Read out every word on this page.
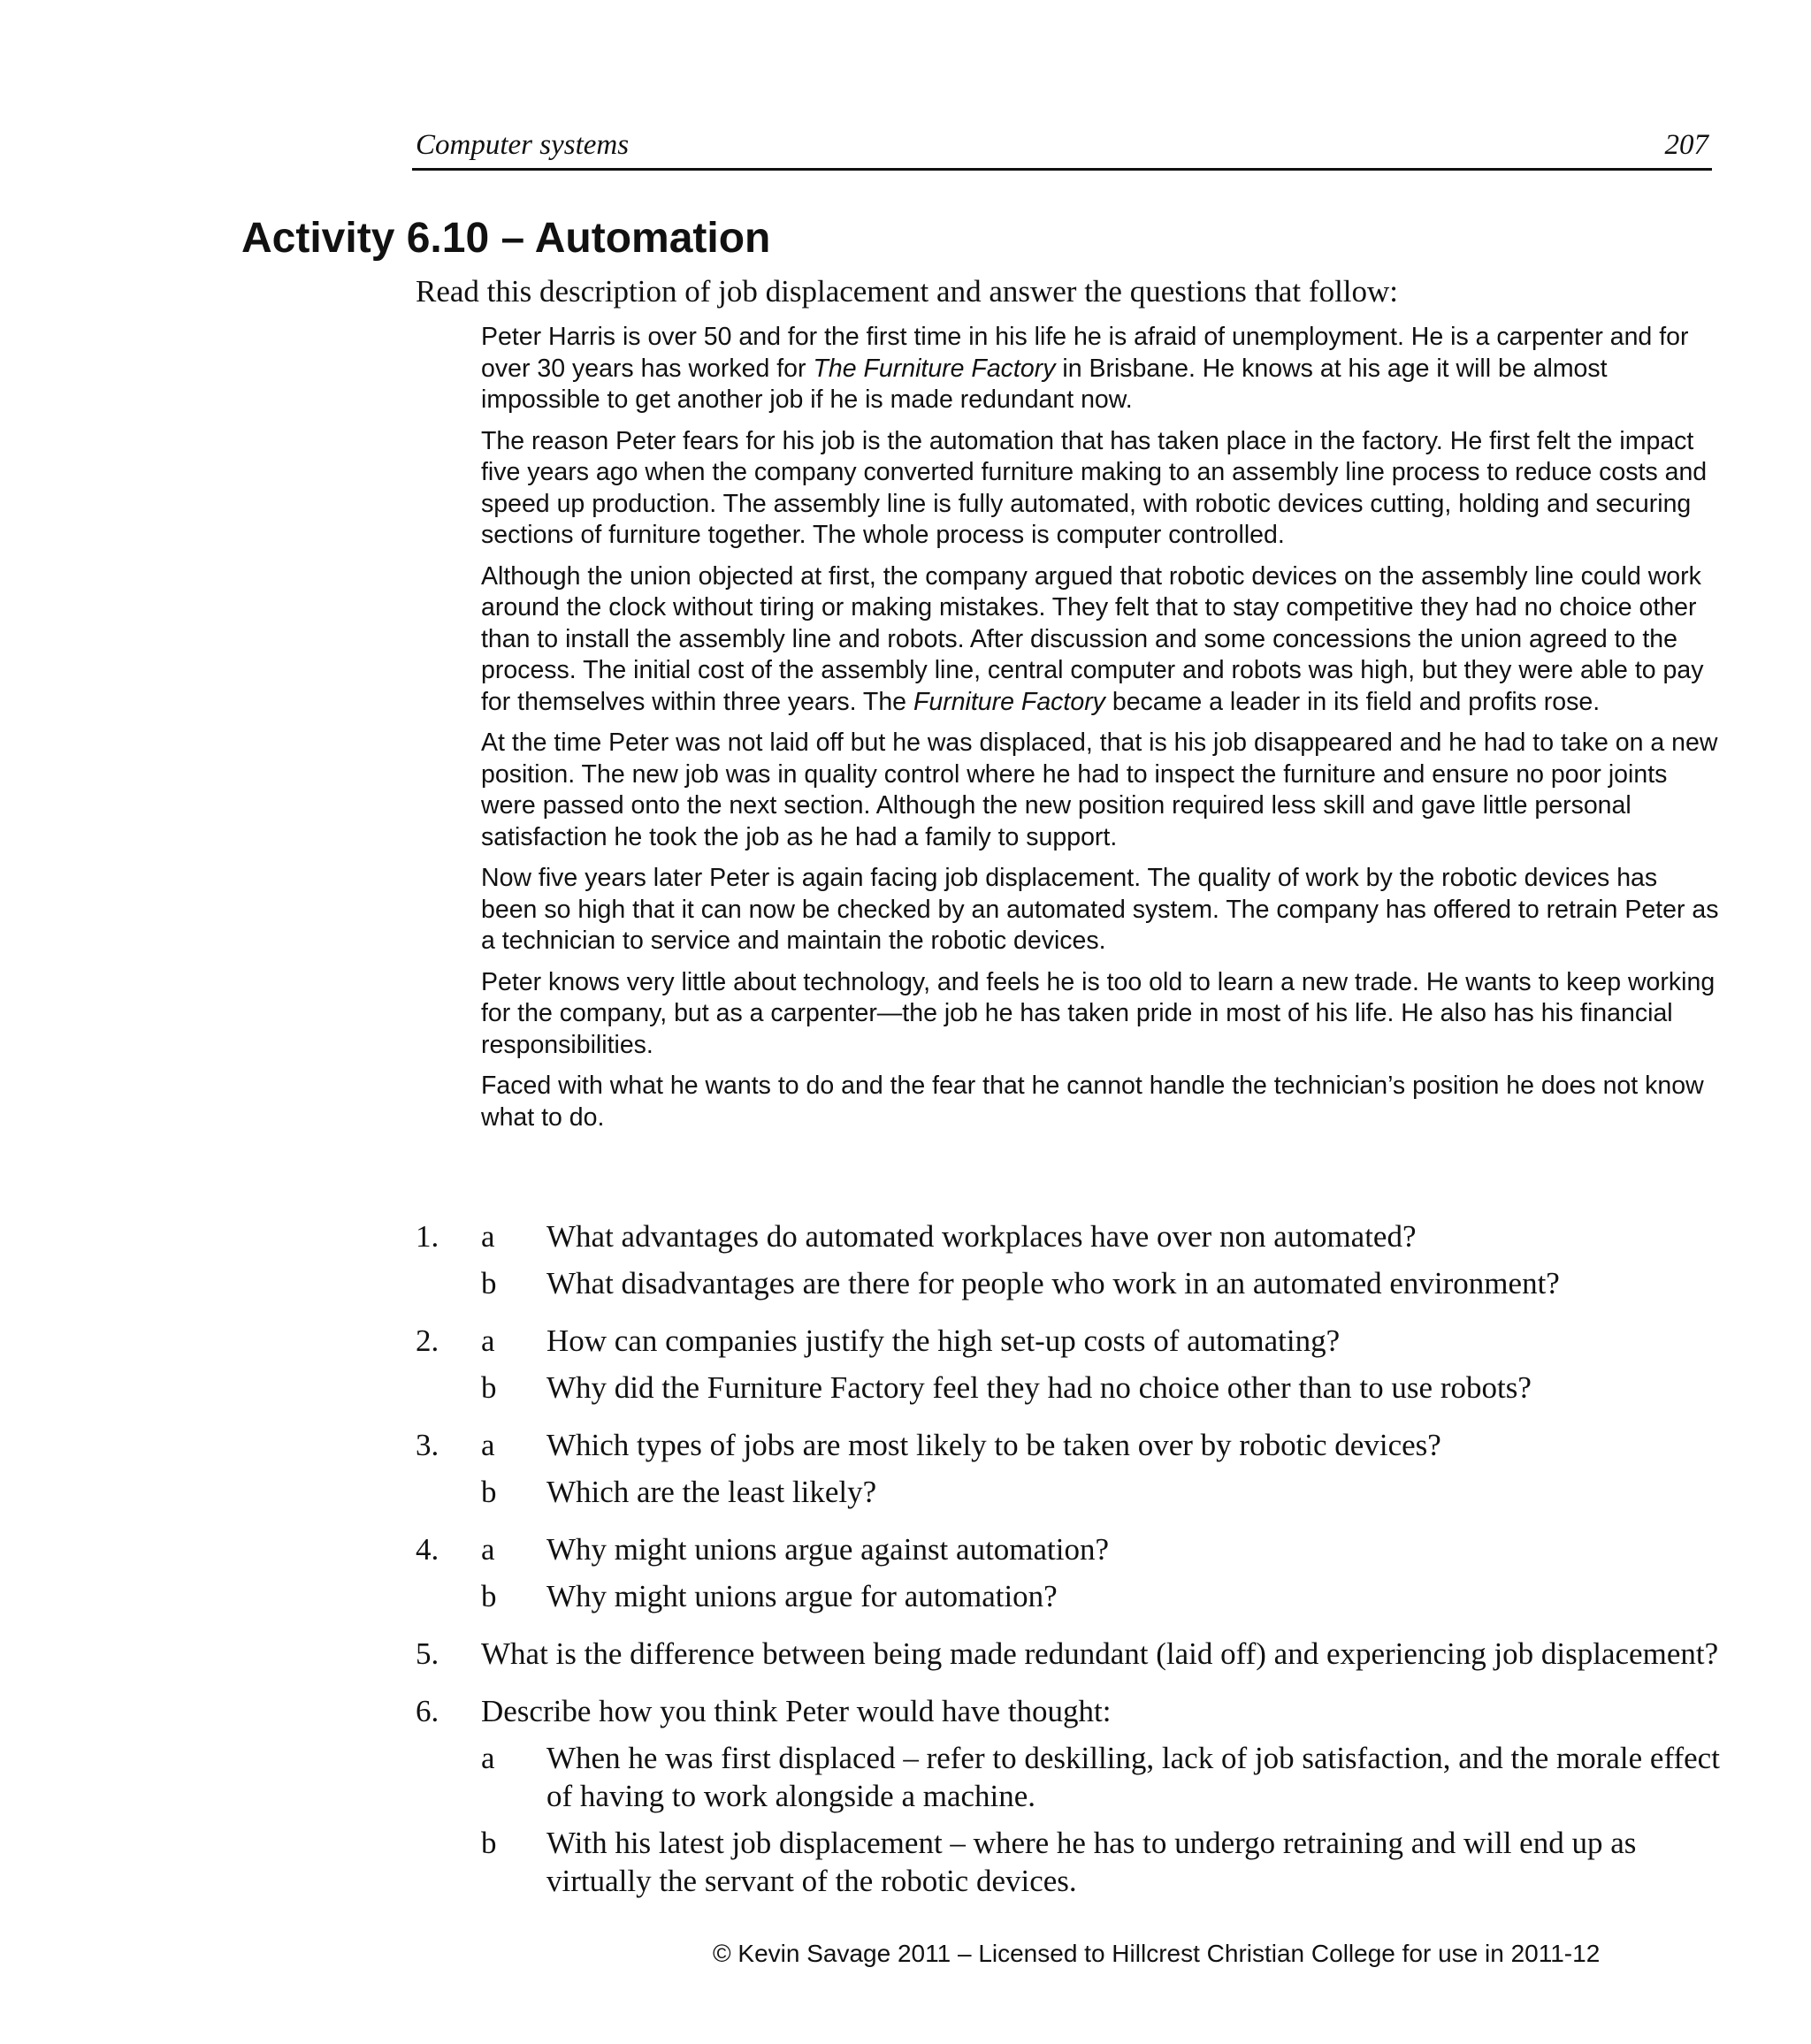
Computer systems	207
Activity 6.10 – Automation

Read this description of job displacement and answer the questions that follow:

Peter Harris is over 50 and for the first time in his life he is afraid of unemployment. He is a carpenter and for over 30 years has worked for The Furniture Factory in Brisbane. He knows at his age it will be almost impossible to get another job if he is made redundant now.

The reason Peter fears for his job is the automation that has taken place in the factory. He first felt the impact five years ago when the company converted furniture making to an assembly line process to reduce costs and speed up production. The assembly line is fully automated, with robotic devices cutting, holding and securing sections of furniture together. The whole process is computer controlled.

Although the union objected at first, the company argued that robotic devices on the assembly line could work around the clock without tiring or making mistakes. They felt that to stay competitive they had no choice other than to install the assembly line and robots. After discussion and some concessions the union agreed to the process. The initial cost of the assembly line, central computer and robots was high, but they were able to pay for themselves within three years. The Furniture Factory became a leader in its field and profits rose.

At the time Peter was not laid off but he was displaced, that is his job disappeared and he had to take on a new position. The new job was in quality control where he had to inspect the furniture and ensure no poor joints were passed onto the next section. Although the new position required less skill and gave little personal satisfaction he took the job as he had a family to support.

Now five years later Peter is again facing job displacement. The quality of work by the robotic devices has been so high that it can now be checked by an automated system. The company has offered to retrain Peter as a technician to service and maintain the robotic devices.

Peter knows very little about technology, and feels he is too old to learn a new trade. He wants to keep working for the company, but as a carpenter—the job he has taken pride in most of his life. He also has his financial responsibilities.

Faced with what he wants to do and the fear that he cannot handle the technician’s position he does not know what to do.

1. a What advantages do automated workplaces have over non automated?
b What disadvantages are there for people who work in an automated environment?
2. a How can companies justify the high set-up costs of automating?
b Why did the Furniture Factory feel they had no choice other than to use robots?
3. a Which types of jobs are most likely to be taken over by robotic devices?
b Which are the least likely?
4. a Why might unions argue against automation?
b Why might unions argue for automation?
5. What is the difference between being made redundant (laid off) and experiencing job displacement?
6. Describe how you think Peter would have thought:
a When he was first displaced – refer to deskilling, lack of job satisfaction, and the morale effect of having to work alongside a machine.
b With his latest job displacement – where he has to undergo retraining and will end up as virtually the servant of the robotic devices.
© Kevin Savage 2011 – Licensed to Hillcrest Christian College for use in 2011-12
